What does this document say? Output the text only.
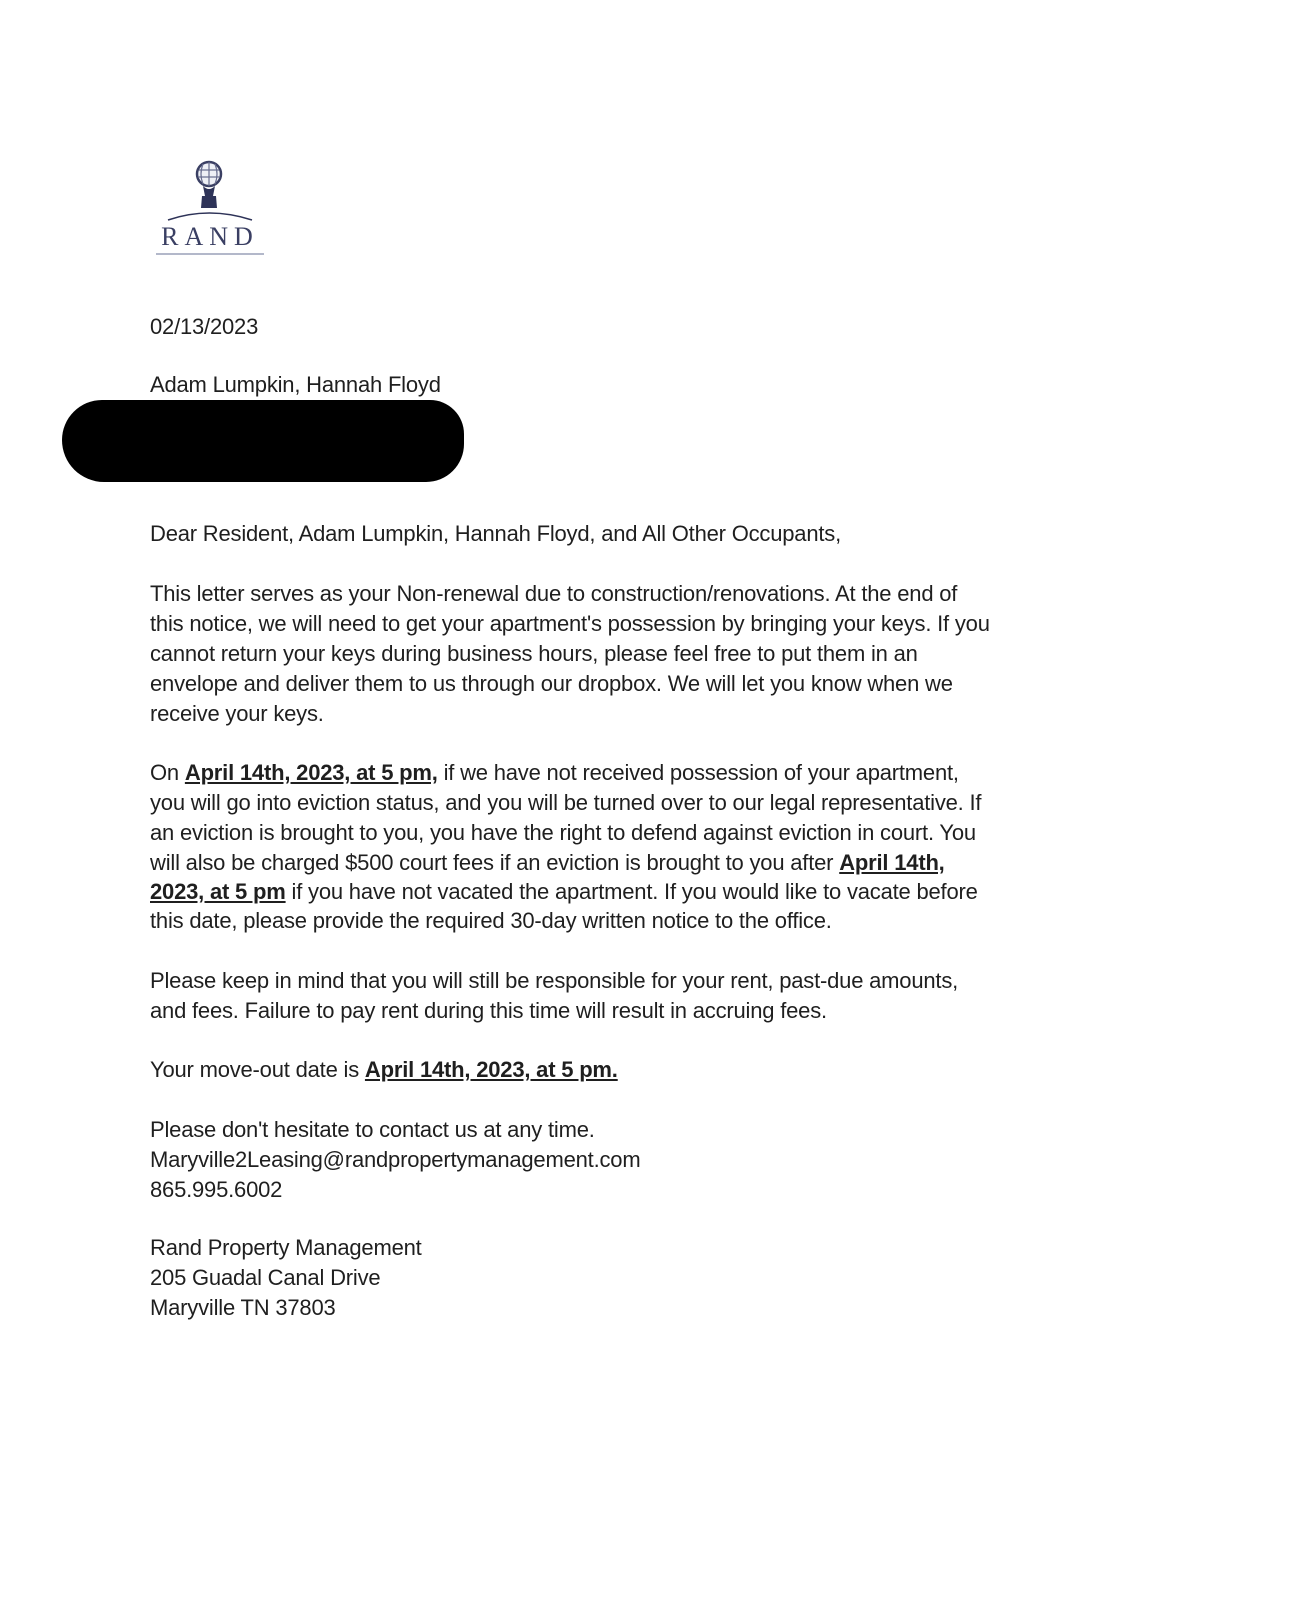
RAND
02/13/2023
Adam Lumpkin, Hannah Floyd
Dear Resident, Adam Lumpkin, Hannah Floyd, and All Other Occupants,
This letter serves as your Non-renewal due to construction/renovations. At the end of
this notice, we will need to get your apartment's possession by bringing your keys. If you
cannot return your keys during business hours, please feel free to put them in an
envelope and deliver them to us through our dropbox. We will let you know when we
receive your keys.
On April 14th, 2023, at 5 pm, if we have not received possession of your apartment,
you will go into eviction status, and you will be turned over to our legal representative. If
an eviction is brought to you, you have the right to defend against eviction in court. You
will also be charged $500 court fees if an eviction is brought to you after April 14th,
2023, at 5 pm if you have not vacated the apartment. If you would like to vacate before
this date, please provide the required 30-day written notice to the office.
Please keep in mind that you will still be responsible for your rent, past-due amounts,
and fees. Failure to pay rent during this time will result in accruing fees.
Your move-out date is April 14th, 2023, at 5 pm.
Please don't hesitate to contact us at any time.
Maryville2Leasing@randpropertymanagement.com
865.995.6002
Rand Property Management
205 Guadal Canal Drive
Maryville TN 37803
